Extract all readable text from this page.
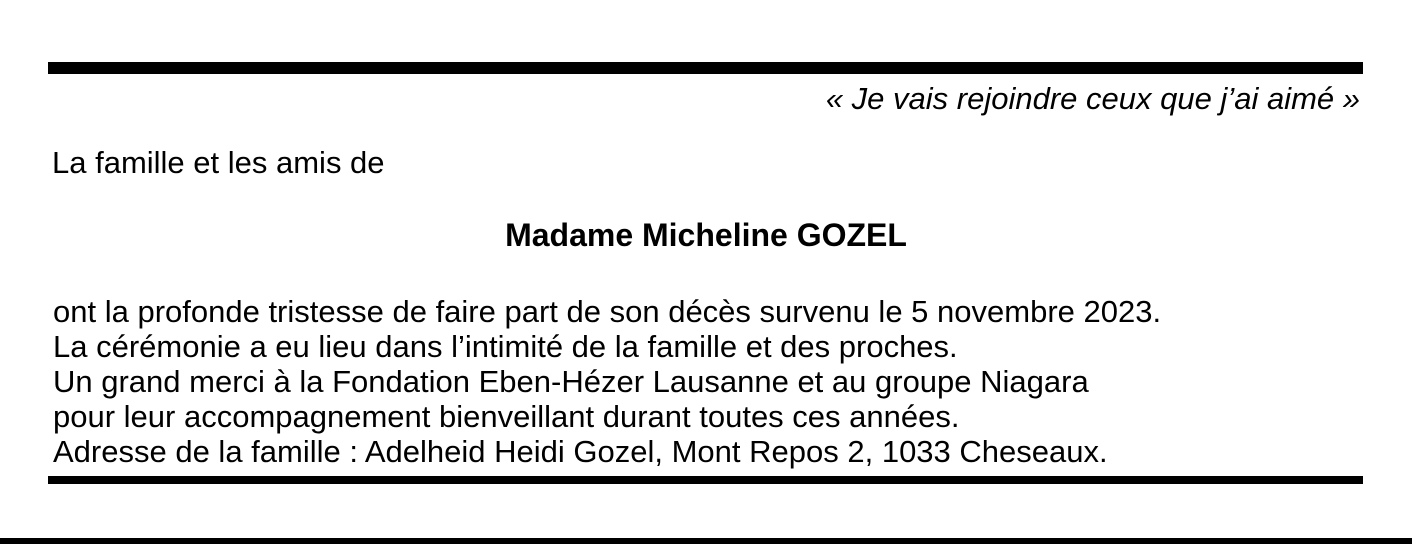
« Je vais rejoindre ceux que j’ai aimé »
La famille et les amis de
Madame Micheline GOZEL
ont la profonde tristesse de faire part de son décès survenu le 5 novembre 2023.
La cérémonie a eu lieu dans l’intimité de la famille et des proches.
Un grand merci à la Fondation Eben-Hézer Lausanne et au groupe Niagara
pour leur accompagnement bienveillant durant toutes ces années.
Adresse de la famille : Adelheid Heidi Gozel, Mont Repos 2, 1033 Cheseaux.
